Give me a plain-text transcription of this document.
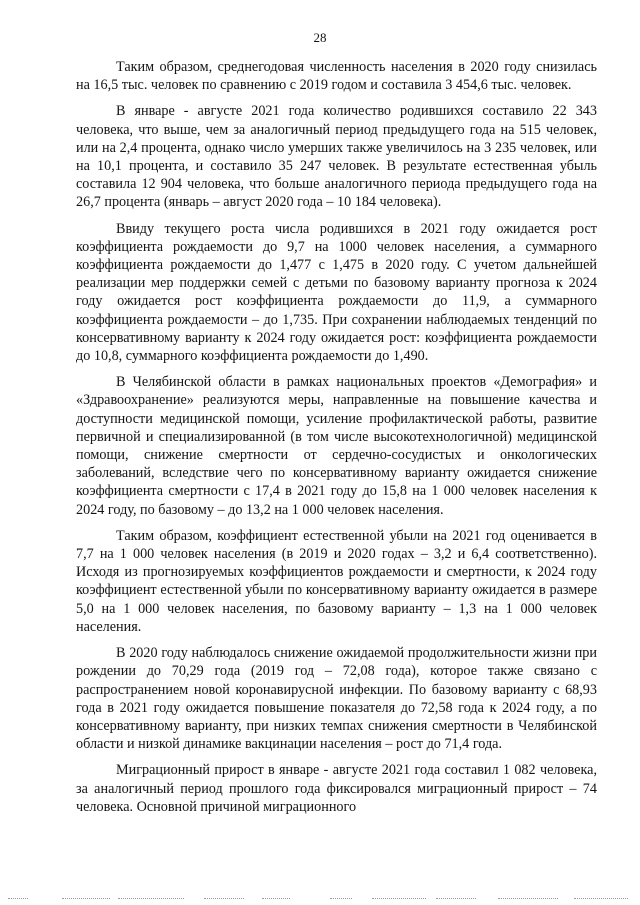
28

Таким образом, среднегодовая численность населения в 2020 году снизилась на 16,5 тыс. человек по сравнению с 2019 годом и составила 3 454,6 тыс. человек.

В январе - августе 2021 года количество родившихся составило 22 343 человека, что выше, чем за аналогичный период предыдущего года на 515 человек, или на 2,4 процента, однако число умерших также увеличилось на 3 235 человек, или на 10,1 процента, и составило 35 247 человек. В результате естественная убыль составила 12 904 человека, что больше аналогичного периода предыдущего года на 26,7 процента (январь – август 2020 года – 10 184 человека).

Ввиду текущего роста числа родившихся в 2021 году ожидается рост коэффициента рождаемости до 9,7 на 1000 человек населения, а суммарного коэффициента рождаемости до 1,477 с 1,475 в 2020 году. С учетом дальнейшей реализации мер поддержки семей с детьми по базовому варианту прогноза к 2024 году ожидается рост коэффициента рождаемости до 11,9, а суммарного коэффициента рождаемости – до 1,735. При сохранении наблюдаемых тенденций по консервативному варианту к 2024 году ожидается рост: коэффициента рождаемости до 10,8, суммарного коэффициента рождаемости до 1,490.

В Челябинской области в рамках национальных проектов «Демография» и «Здравоохранение» реализуются меры, направленные на повышение качества и доступности медицинской помощи, усиление профилактической работы, развитие первичной и специализированной (в том числе высокотехнологичной) медицинской помощи, снижение смертности от сердечно-сосудистых и онкологических заболеваний, вследствие чего по консервативному варианту ожидается снижение коэффициента смертности с 17,4 в 2021 году до 15,8 на 1 000 человек населения к 2024 году, по базовому – до 13,2 на 1 000 человек населения.

Таким образом, коэффициент естественной убыли на 2021 год оценивается в 7,7 на 1 000 человек населения (в 2019 и 2020 годах – 3,2 и 6,4 соответственно). Исходя из прогнозируемых коэффициентов рождаемости и смертности, к 2024 году коэффициент естественной убыли по консервативному варианту ожидается в размере 5,0 на 1 000 человек населения, по базовому варианту – 1,3 на 1 000 человек населения.

В 2020 году наблюдалось снижение ожидаемой продолжительности жизни при рождении до 70,29 года (2019 год – 72,08 года), которое также связано с распространением новой коронавирусной инфекции. По базовому варианту с 68,93 года в 2021 году ожидается повышение показателя до 72,58 года к 2024 году, а по консервативному варианту, при низких темпах снижения смертности в Челябинской области и низкой динамике вакцинации населения – рост до 71,4 года.

Миграционный прирост в январе - августе 2021 года составил 1 082 человека, за аналогичный период прошлого года фиксировался миграционный прирост – 74 человека. Основной причиной миграционного
